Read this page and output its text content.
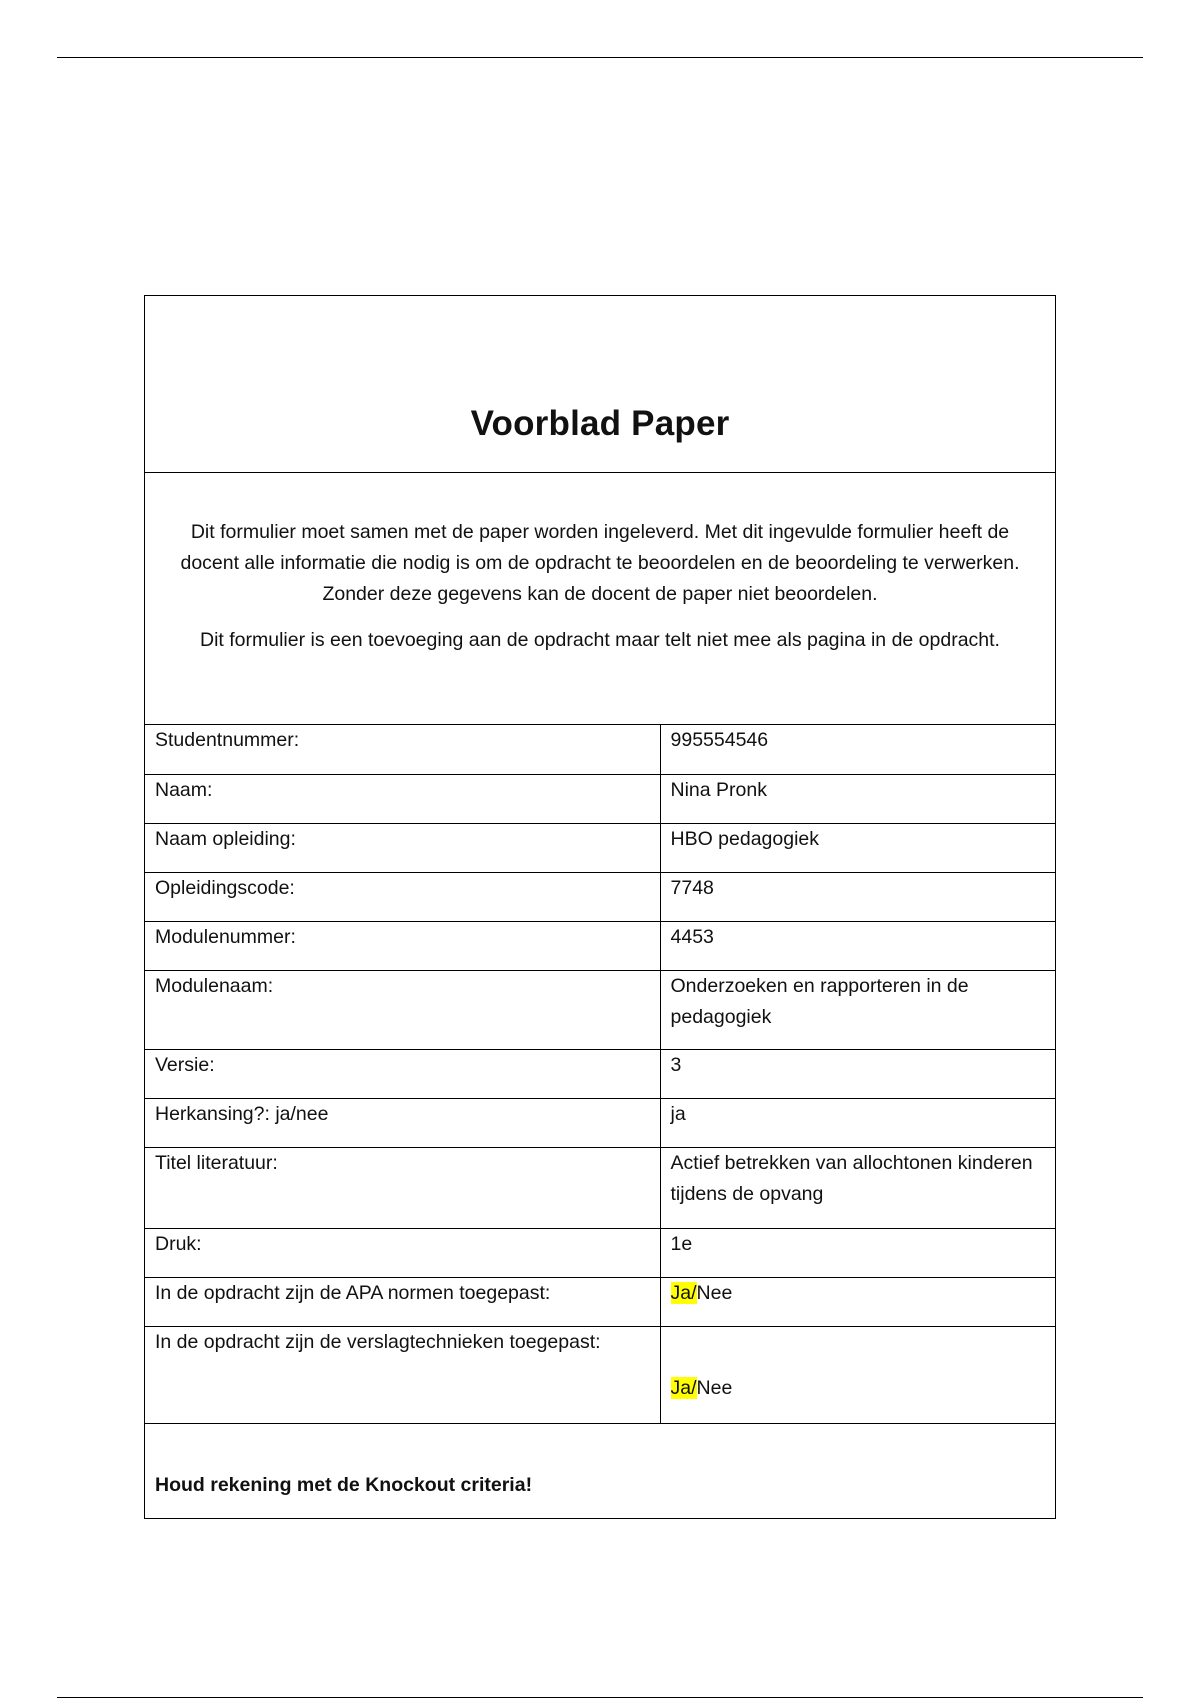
Voorblad Paper

Dit formulier moet samen met de paper worden ingeleverd. Met dit ingevulde formulier heeft de docent alle informatie die nodig is om de opdracht te beoordelen en de beoordeling te verwerken. Zonder deze gegevens kan de docent de paper niet beoordelen.

Dit formulier is een toevoeging aan de opdracht maar telt niet mee als pagina in de opdracht.

Studentnummer:	995554546
Naam:	Nina Pronk
Naam opleiding:	HBO pedagogiek
Opleidingscode:	7748
Modulenummer:	4453
Modulenaam:	Onderzoeken en rapporteren in de pedagogiek
Versie:	3
Herkansing?: ja/nee	ja
Titel literatuur:	Actief betrekken van allochtonen kinderen tijdens de opvang
Druk:	1e
In de opdracht zijn de APA normen toegepast:	Ja/Nee
In de opdracht zijn de verslagtechnieken toegepast:	Ja/Nee
Houd rekening met de Knockout criteria!
